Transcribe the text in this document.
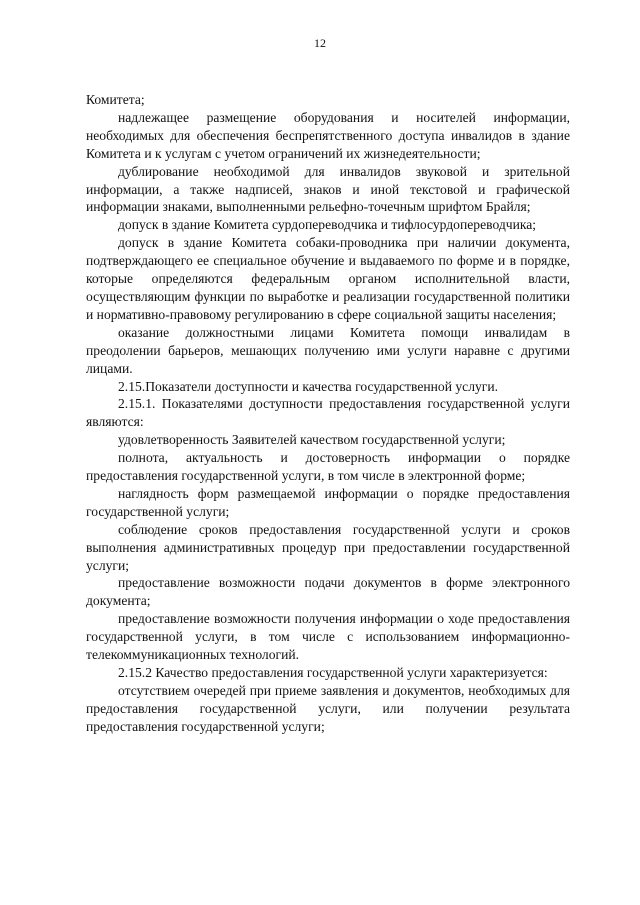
12

Комитета;

надлежащее размещение оборудования и носителей информации, необходимых для обеспечения беспрепятственного доступа инвалидов в здание Комитета и к услугам с учетом ограничений их жизнедеятельности;

дублирование необходимой для инвалидов звуковой и зрительной информации, а также надписей, знаков и иной текстовой и графической информации знаками, выполненными рельефно-точечным шрифтом Брайля;

допуск в здание Комитета сурдопереводчика и тифлосурдопереводчика;

допуск в здание Комитета собаки-проводника при наличии документа, подтверждающего ее специальное обучение и выдаваемого по форме и в порядке, которые определяются федеральным органом исполнительной власти, осуществляющим функции по выработке и реализации государственной политики и нормативно-правовому регулированию в сфере социальной защиты населения;

оказание должностными лицами Комитета помощи инвалидам в преодолении барьеров, мешающих получению ими услуги наравне с другими лицами.

2.15.Показатели доступности и качества государственной услуги.

2.15.1. Показателями доступности предоставления государственной услуги являются:

удовлетворенность Заявителей качеством государственной услуги;

полнота, актуальность и достоверность информации о порядке предоставления государственной услуги, в том числе в электронной форме;

наглядность форм размещаемой информации о порядке предоставления государственной услуги;

соблюдение сроков предоставления государственной услуги и сроков выполнения административных процедур при предоставлении государственной услуги;

предоставление возможности подачи документов в форме электронного документа;

предоставление возможности получения информации о ходе предоставления государственной услуги, в том числе с использованием информационно-телекоммуникационных технологий.

2.15.2 Качество предоставления государственной услуги характеризуется:

отсутствием очередей при приеме заявления и документов, необходимых для предоставления государственной услуги, или получении результата предоставления государственной услуги;
